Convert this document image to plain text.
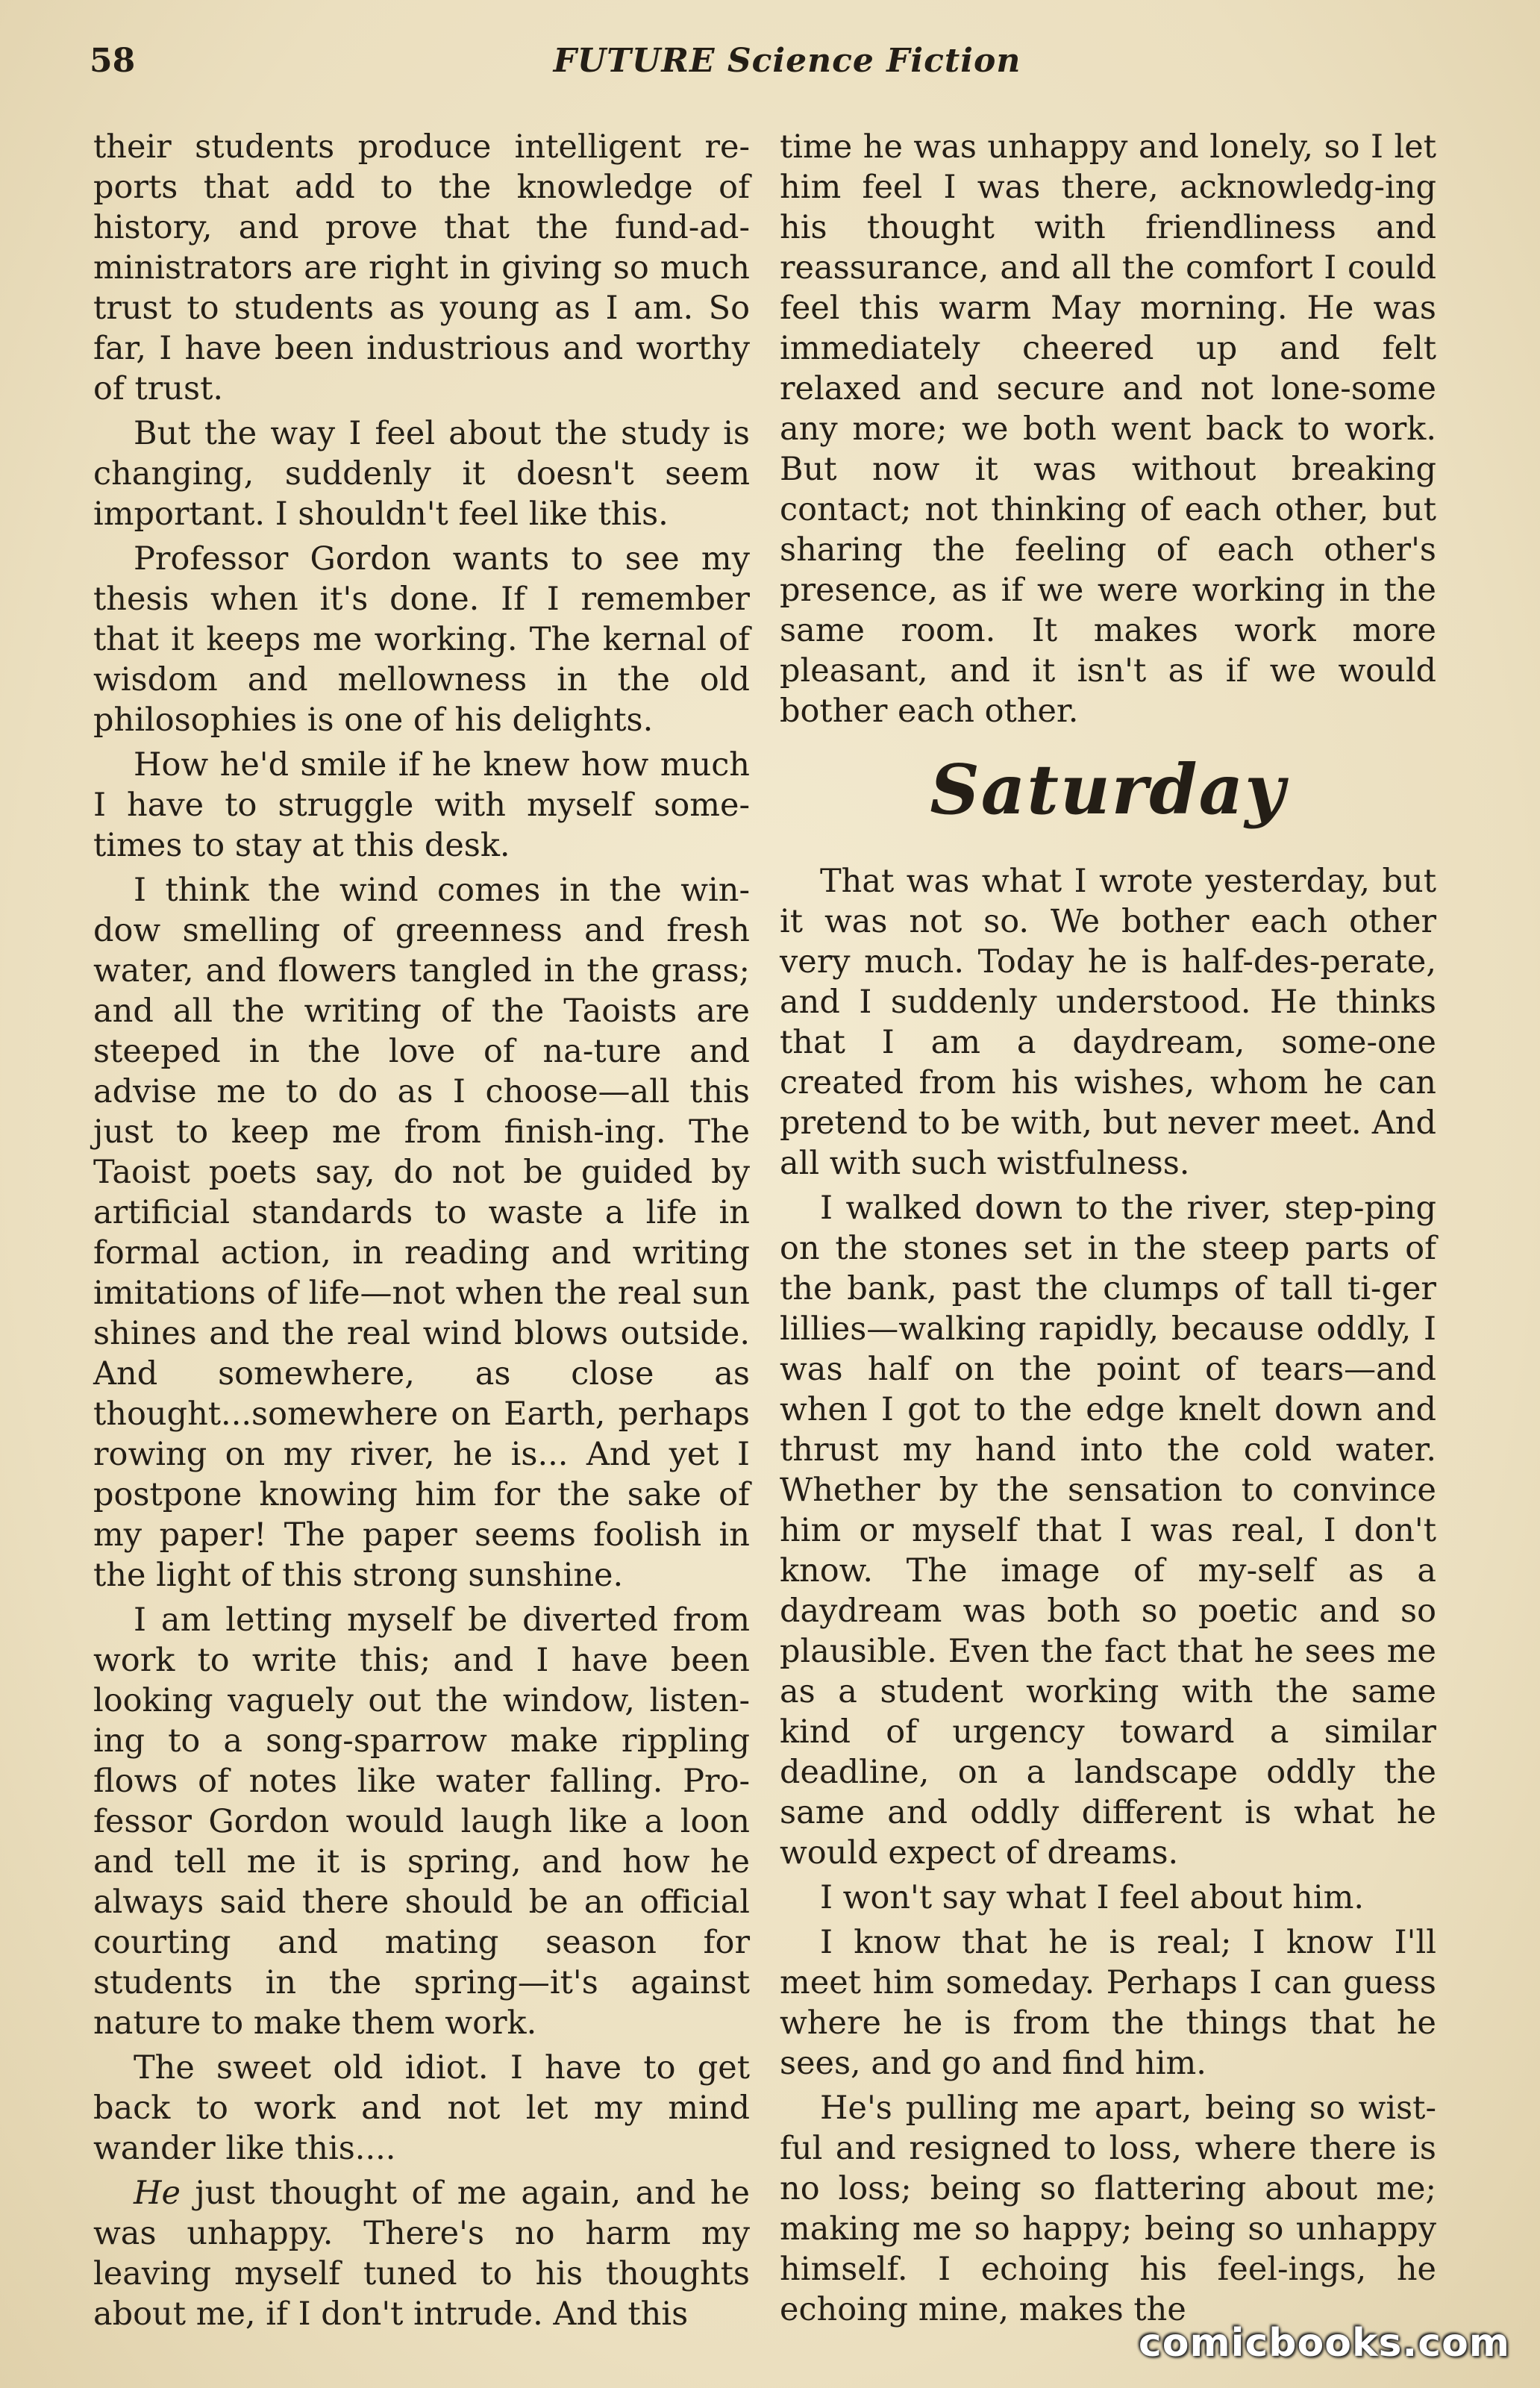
58	FUTURE Science Fiction

their students produce intelligent re-ports that add to the knowledge of history, and prove that the fund-ad-ministrators are right in giving so much trust to students as young as I am. So far, I have been industrious and worthy of trust.

But the way I feel about the study is changing, suddenly it doesn't seem important. I shouldn't feel like this.

Professor Gordon wants to see my thesis when it's done. If I remember that it keeps me working. The kernal of wisdom and mellowness in the old philosophies is one of his delights.

How he'd smile if he knew how much I have to struggle with myself some-times to stay at this desk.

I think the wind comes in the win-dow smelling of greenness and fresh water, and flowers tangled in the grass; and all the writing of the Taoists are steeped in the love of na-ture and advise me to do as I choose—all this just to keep me from finish-ing. The Taoist poets say, do not be guided by artificial standards to waste a life in formal action, in reading and writing imitations of life—not when the real sun shines and the real wind blows outside. And somewhere, as close as thought...somewhere on Earth, perhaps rowing on my river, he is... And yet I postpone knowing him for the sake of my paper! The paper seems foolish in the light of this strong sunshine.

I am letting myself be diverted from work to write this; and I have been looking vaguely out the window, listen-ing to a song-sparrow make rippling flows of notes like water falling. Pro-fessor Gordon would laugh like a loon and tell me it is spring, and how he always said there should be an official courting and mating season for students in the spring—it's against nature to make them work.

The sweet old idiot. I have to get back to work and not let my mind wander like this....

He just thought of me again, and he was unhappy. There's no harm my leaving myself tuned to his thoughts about me, if I don't intrude. And this

time he was unhappy and lonely, so I let him feel I was there, acknowledg-ing his thought with friendliness and reassurance, and all the comfort I could feel this warm May morning. He was immediately cheered up and felt relaxed and secure and not lone-some any more; we both went back to work. But now it was without breaking contact; not thinking of each other, but sharing the feeling of each other's presence, as if we were working in the same room. It makes work more pleasant, and it isn't as if we would bother each other.

Saturday

That was what I wrote yesterday, but it was not so. We bother each other very much. Today he is half-des-perate, and I suddenly understood. He thinks that I am a daydream, some-one created from his wishes, whom he can pretend to be with, but never meet. And all with such wistfulness.

I walked down to the river, step-ping on the stones set in the steep parts of the bank, past the clumps of tall ti-ger lillies—walking rapidly, because oddly, I was half on the point of tears—and when I got to the edge knelt down and thrust my hand into the cold water. Whether by the sensation to convince him or myself that I was real, I don't know. The image of my-self as a daydream was both so poetic and so plausible. Even the fact that he sees me as a student working with the same kind of urgency toward a similar deadline, on a landscape oddly the same and oddly different is what he would expect of dreams.

I won't say what I feel about him.

I know that he is real; I know I'll meet him someday. Perhaps I can guess where he is from the things that he sees, and go and find him.

He's pulling me apart, being so wist-ful and resigned to loss, where there is no loss; being so flattering about me; making me so happy; being so unhappy himself. I echoing his feel-ings, he echoing mine, makes the

comicbooks.com
